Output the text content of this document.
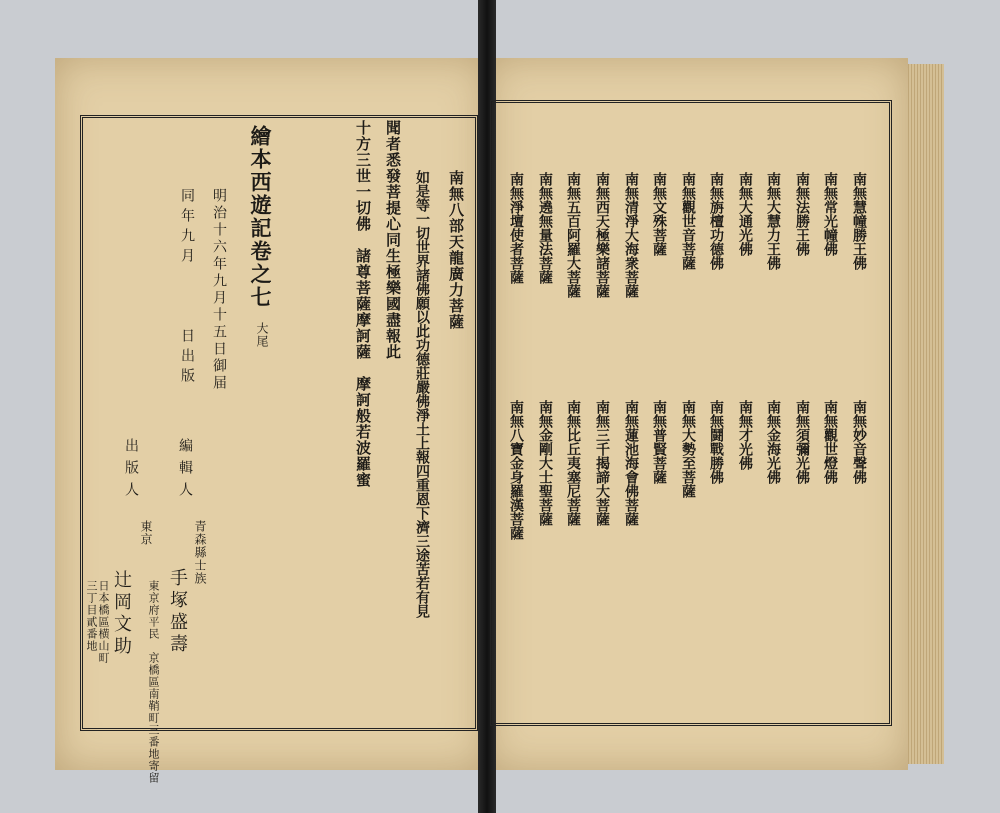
南無八部天龍廣力菩薩
如是等一切世界諸佛願以此功德莊嚴佛淨土上報四重恩下濟三途苦若有見
聞者悉發菩提心同生極樂國盡報此
十方三世一切佛　諸尊菩薩摩訶薩　摩訶般若波羅蜜
繪本西遊記卷之七
大尾
明治十六年九月十五日御届
同年九月
日出版
編輯人
青森縣士族
手塚盛壽
東京府平民　京橋區南鞘町三番地寄留
出版人
東京
辻岡文助
日本橋區横山町
三丁目貳番地
南無慧幢勝王佛
南無常光幢佛
南無法勝王佛
南無大慧力王佛
南無大通光佛
南無旃檀功德佛
南無觀世音菩薩
南無文殊菩薩
南無清淨大海衆菩薩
南無西天極樂諸菩薩
南無五百阿羅大菩薩
南無遶無量法菩薩
南無淨壇使者菩薩
南無妙音聲佛
南無觀世燈佛
南無須彌光佛
南無金海光佛
南無才光佛
南無鬪戰勝佛
南無大勢至菩薩
南無普賢菩薩
南無蓮池海會佛菩薩
南無三千揭諦大菩薩
南無比丘夷塞尼菩薩
南無金剛大士聖菩薩
南無八寶金身羅漢菩薩
